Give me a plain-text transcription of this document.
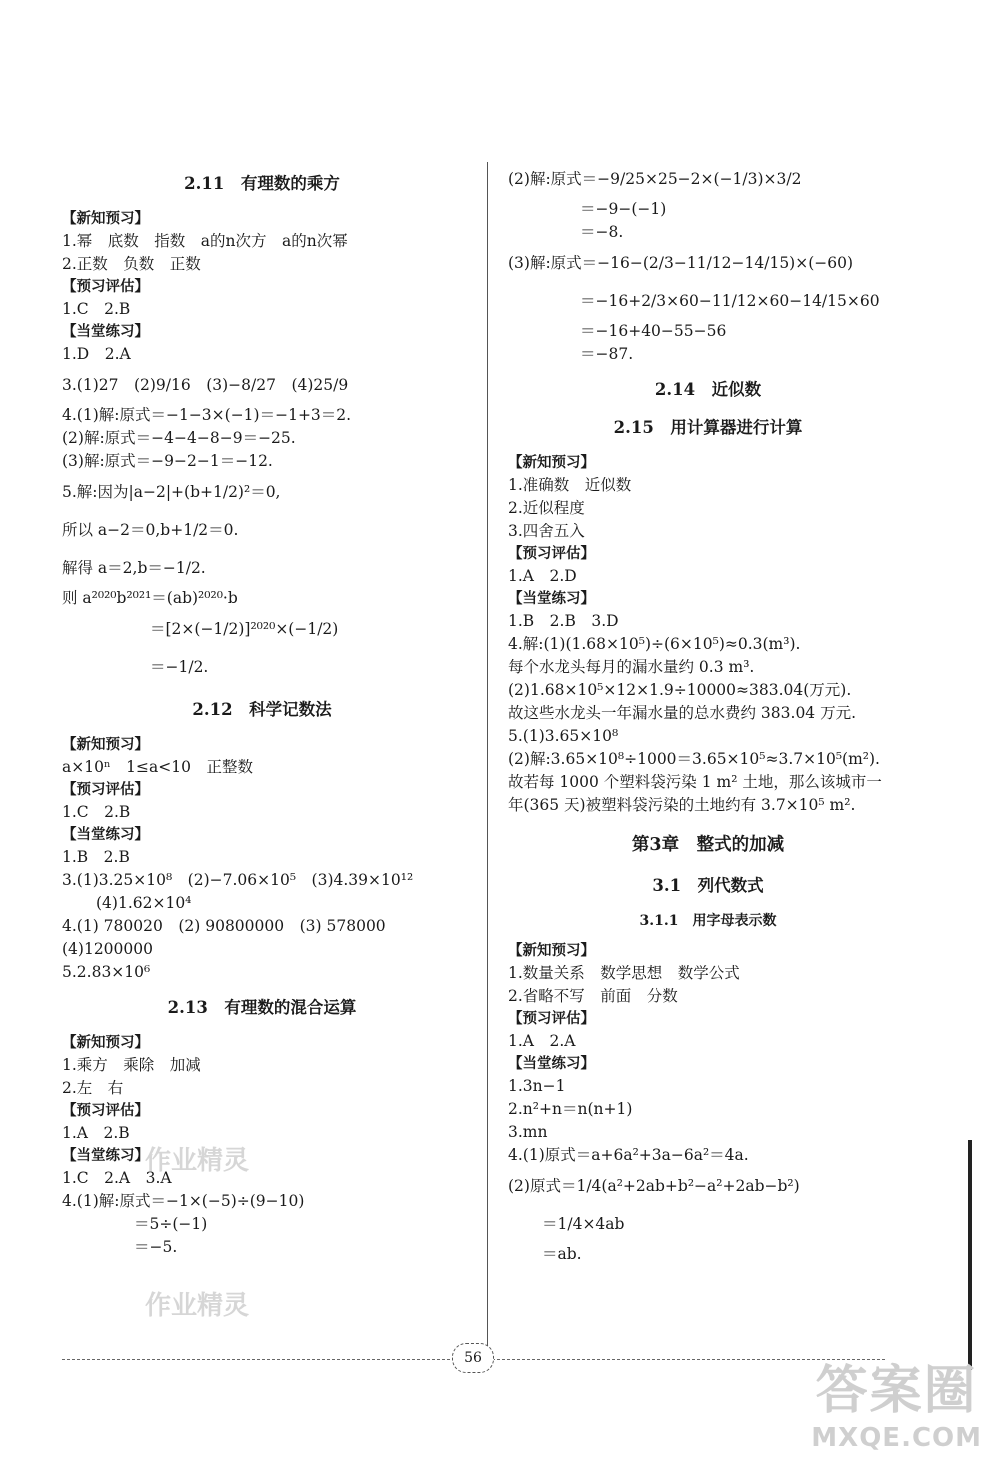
2.11　有理数的乘方
【新知预习】
1.幂　底数　指数　a的n次方　a的n次幂
2.正数　负数　正数
【预习评估】
1.C　2.B
【当堂练习】
1.D　2.A
3.(1)27　(2)9/16　(3)−8/27　(4)25/9
4.(1)解:原式＝−1−3×(−1)＝−1+3＝2.
(2)解:原式＝−4−4−8−9＝−25.
(3)解:原式＝−9−2−1＝−12.
5.解:因为|a−2|+(b+1/2)²＝0,
所以 a−2＝0,b+1/2＝0.
解得 a＝2,b＝−1/2.
则 a²⁰²⁰b²⁰²¹＝(ab)²⁰²⁰·b
＝[2×(−1/2)]²⁰²⁰×(−1/2)
＝−1/2.
2.12　科学记数法
【新知预习】
a×10ⁿ　1≤a<10　正整数
【预习评估】
1.C　2.B
【当堂练习】
1.B　2.B
3.(1)3.25×10⁸　(2)−7.06×10⁵　(3)4.39×10¹²
(4)1.62×10⁴
4.(1) 780020　(2) 90800000　(3) 578000
(4)1200000
5.2.83×10⁶
2.13　有理数的混合运算
【新知预习】
1.乘方　乘除　加减
2.左　右
【预习评估】
1.A　2.B
【当堂练习】
1.C　2.A　3.A
4.(1)解:原式＝−1×(−5)÷(9−10)
＝5÷(−1)
＝−5.
(2)解:原式＝−9/25×25−2×(−1/3)×3/2
＝−9−(−1)
＝−8.
(3)解:原式＝−16−(2/3−11/12−14/15)×(−60)
＝−16+2/3×60−11/12×60−14/15×60
＝−16+40−55−56
＝−87.
2.14　近似数
2.15　用计算器进行计算
【新知预习】
1.准确数　近似数
2.近似程度
3.四舍五入
【预习评估】
1.A　2.D
【当堂练习】
1.B　2.B　3.D
4.解:(1)(1.68×10⁵)÷(6×10⁵)≈0.3(m³).
每个水龙头每月的漏水量约 0.3 m³.
(2)1.68×10⁵×12×1.9÷10000≈383.04(万元).
故这些水龙头一年漏水量的总水费约 383.04 万元.
5.(1)3.65×10⁸
(2)解:3.65×10⁸÷1000＝3.65×10⁵≈3.7×10⁵(m²).
故若每 1000 个塑料袋污染 1 m² 土地，那么该城市一
年(365 天)被塑料袋污染的土地约有 3.7×10⁵ m².
第3章　整式的加减
3.1　列代数式
3.1.1　用字母表示数
【新知预习】
1.数量关系　数学思想　数学公式
2.省略不写　前面　分数
【预习评估】
1.A　2.A
【当堂练习】
1.3n−1
2.n²+n＝n(n+1)
3.mn
4.(1)原式＝a+6a²+3a−6a²＝4a.
(2)原式＝1/4(a²+2ab+b²−a²+2ab−b²)
＝1/4×4ab
＝ab.
作业精灵
作业精灵
56
答案圈
MXQE.COM
